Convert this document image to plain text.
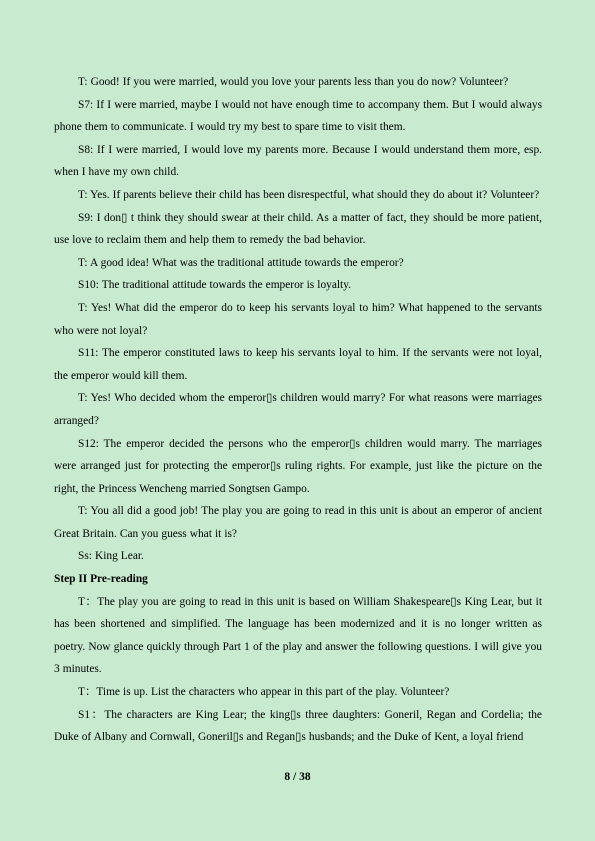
T: Good! If you were married, would you love your parents less than you do now? Volunteer?

S7: If I were married, maybe I would not have enough time to accompany them. But I would always phone them to communicate. I would try my best to spare time to visit them.

S8: If I were married, I would love my parents more. Because I would understand them more, esp. when I have my own child.

T: Yes. If parents believe their child has been disrespectful, what should they do about it? Volunteer?

S9: I don▯ t think they should swear at their child. As a matter of fact, they should be more patient, use love to reclaim them and help them to remedy the bad behavior.

T: A good idea! What was the traditional attitude towards the emperor?

S10: The traditional attitude towards the emperor is loyalty.

T: Yes! What did the emperor do to keep his servants loyal to him? What happened to the servants who were not loyal?

S11: The emperor constituted laws to keep his servants loyal to him. If the servants were not loyal, the emperor would kill them.

T: Yes! Who decided whom the emperor▯s children would marry? For what reasons were marriages arranged?

S12: The emperor decided the persons who the emperor▯s children would marry. The marriages were arranged just for protecting the emperor▯s ruling rights. For example, just like the picture on the right, the Princess Wencheng married Songtsen Gampo.

T: You all did a good job! The play you are going to read in this unit is about an emperor of ancient Great Britain. Can you guess what it is?

Ss: King Lear.

Step II Pre-reading

T：The play you are going to read in this unit is based on William Shakespeare▯s King Lear, but it has been shortened and simplified. The language has been modernized and it is no longer written as poetry. Now glance quickly through Part 1 of the play and answer the following questions. I will give you 3 minutes.

T：Time is up. List the characters who appear in this part of the play. Volunteer?

S1：The characters are King Lear; the king▯s three daughters: Goneril, Regan and Cordelia; the Duke of Albany and Cornwall, Goneril▯s and Regan▯s husbands; and the Duke of Kent, a loyal friend

8 / 38
